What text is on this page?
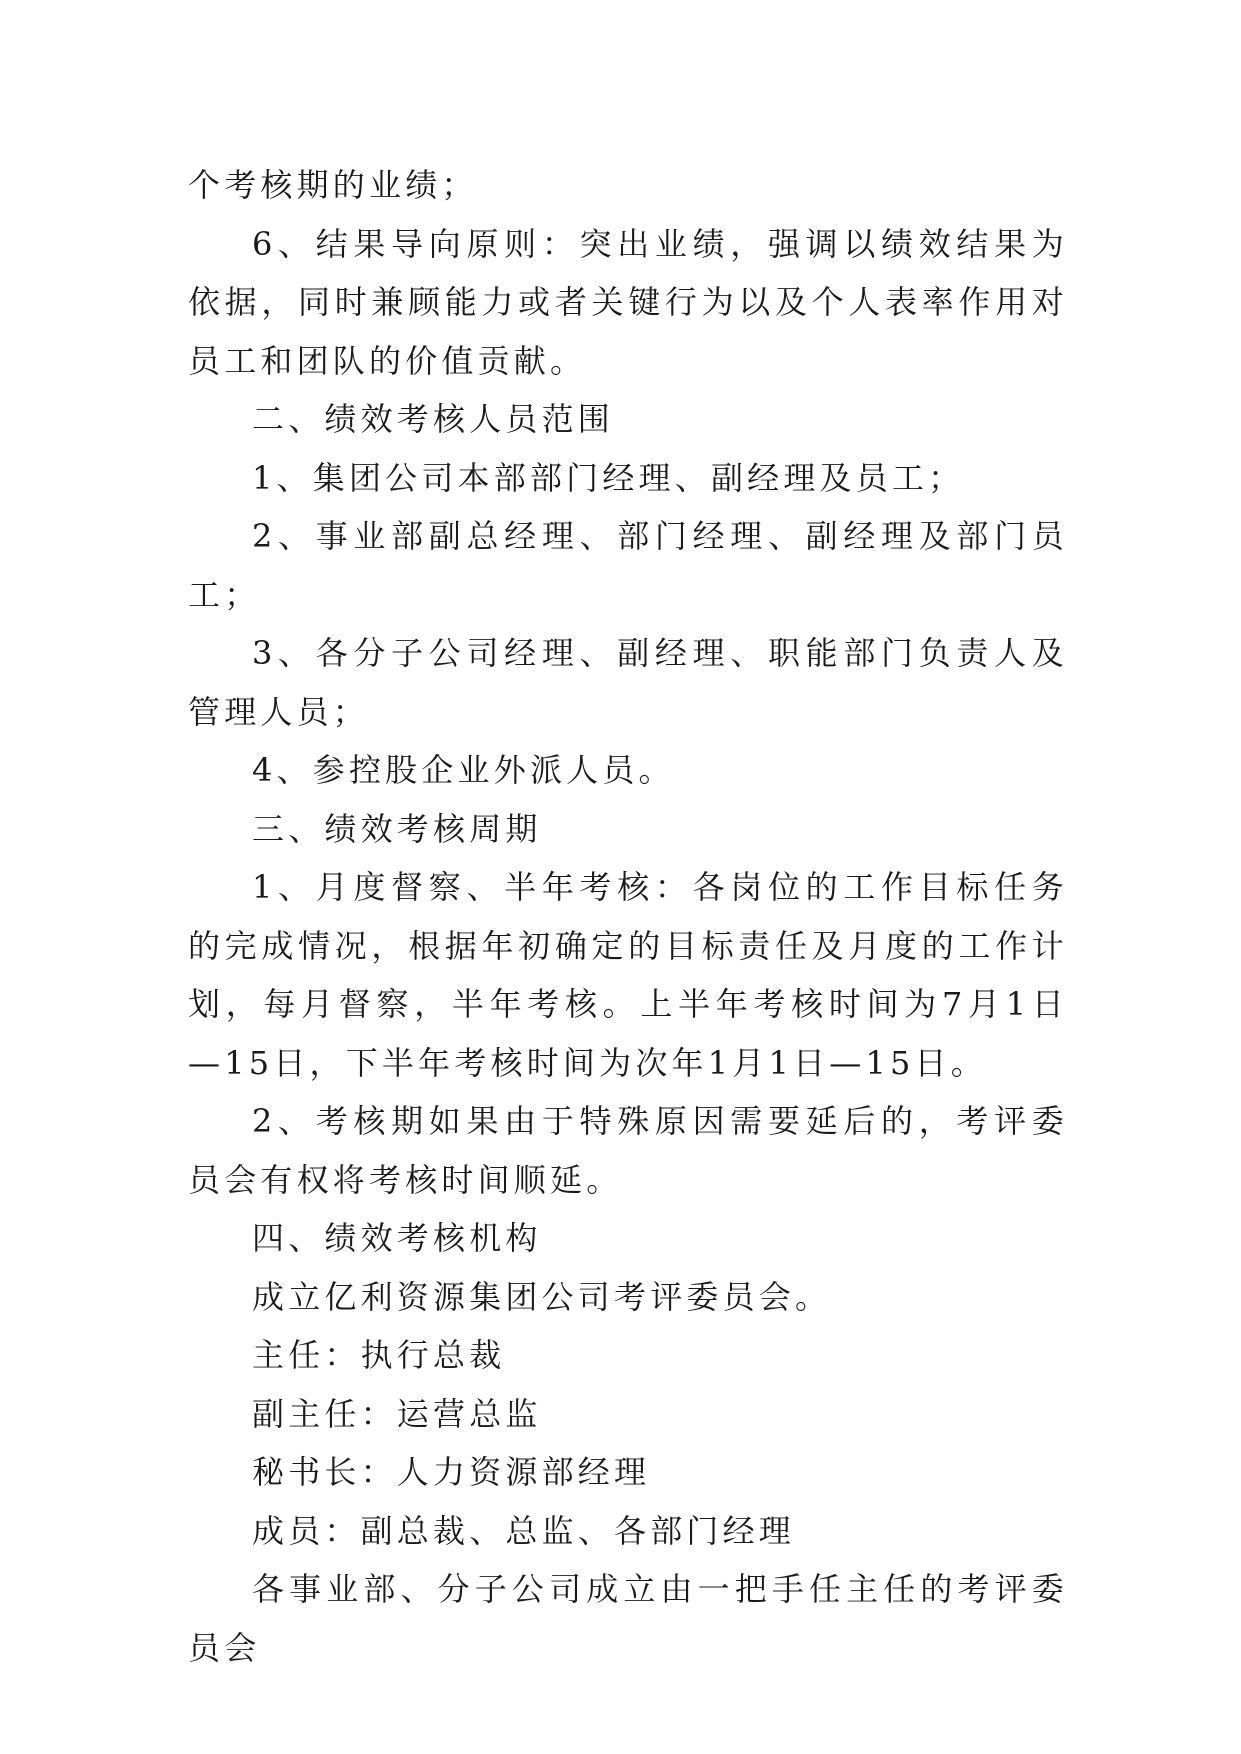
个考核期的业绩；

6、结果导向原则：突出业绩，强调以绩效结果为依据，同时兼顾能力或者关键行为以及个人表率作用对员工和团队的价值贡献。

二、绩效考核人员范围

1、集团公司本部部门经理、副经理及员工；

2、事业部副总经理、部门经理、副经理及部门员工；

3、各分子公司经理、副经理、职能部门负责人及管理人员；

4、参控股企业外派人员。

三、绩效考核周期

1、月度督察、半年考核：各岗位的工作目标任务的完成情况，根据年初确定的目标责任及月度的工作计划，每月督察，半年考核。上半年考核时间为7月1日—15日，下半年考核时间为次年1月1日—15日。

2、考核期如果由于特殊原因需要延后的，考评委员会有权将考核时间顺延。

四、绩效考核机构

成立亿利资源集团公司考评委员会。

主任：执行总裁

副主任：运营总监

秘书长：人力资源部经理

成员：副总裁、总监、各部门经理

各事业部、分子公司成立由一把手任主任的考评委员会
